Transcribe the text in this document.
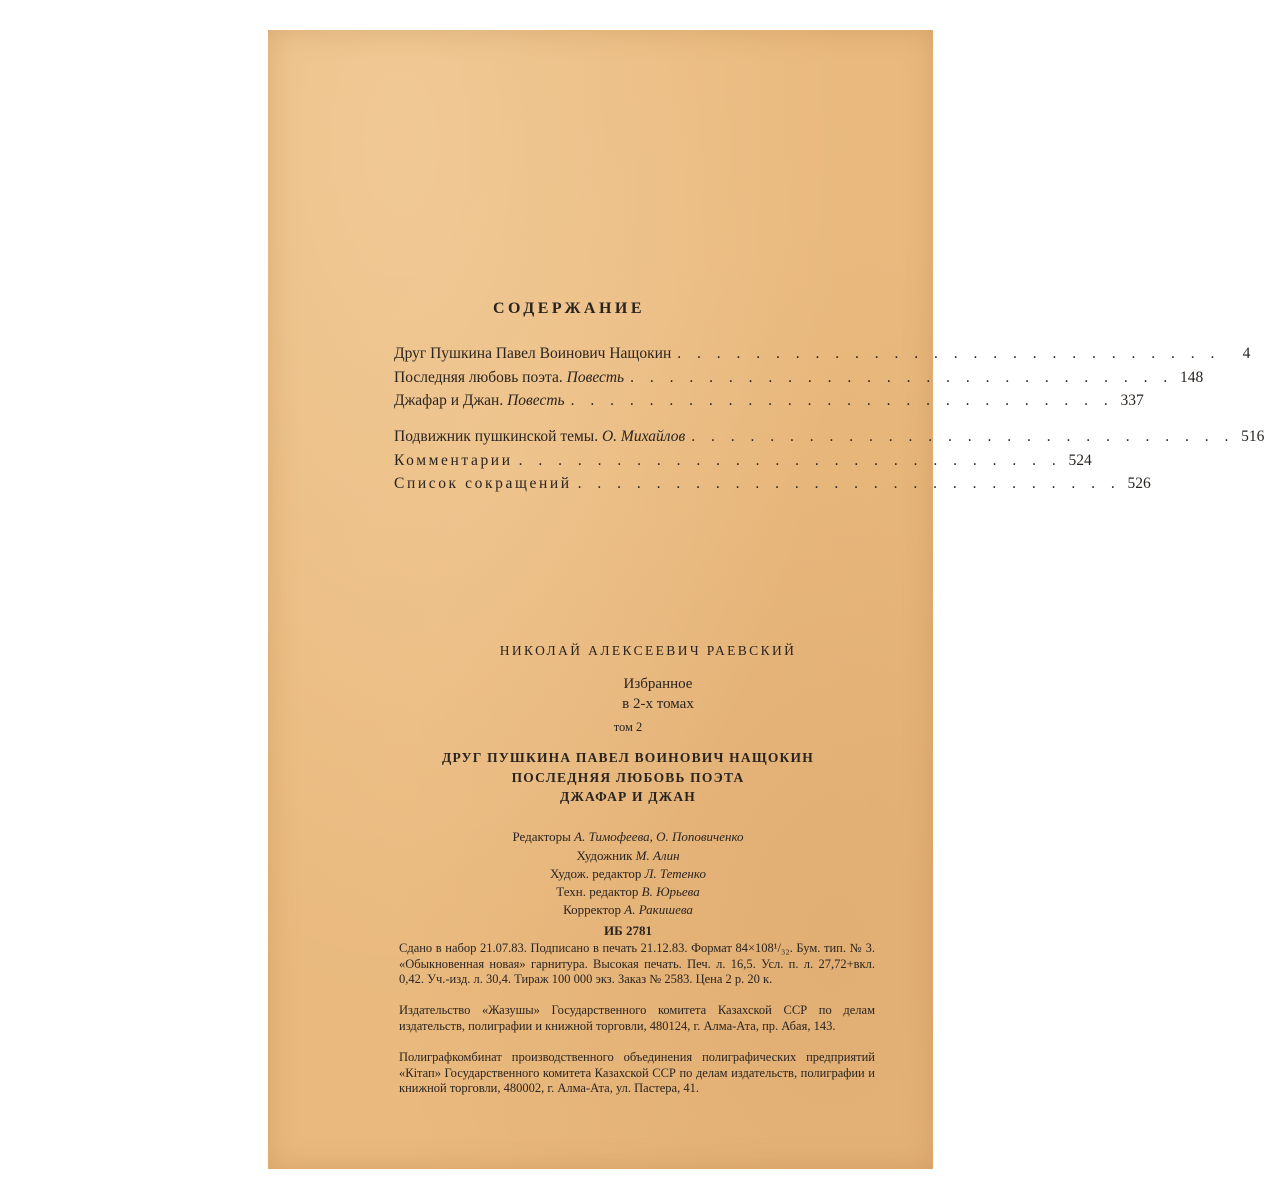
СОДЕРЖАНИЕ
Друг Пушкина Павел Воинович Нащокин . . . . . . . . . . . . . . . . . . . . . . . . . . . .	4
Последняя любовь поэта. Повесть . . . . . . . . . . . . . . . . . . . . . . . . . . . . 148
Джафар и Джан. Повесть . . . . . . . . . . . . . . . . . . . . . . . . . . . . 337
Подвижник пушкинской темы. О. Михайлов . . . . . . . . . . . . . . . . . . . . . . . . . . . . 516
Комментарии . . . . . . . . . . . . . . . . . . . . . . . . . . . . 524
Список сокращений . . . . . . . . . . . . . . . . . . . . . . . . . . . . 526
НИКОЛАЙ АЛЕКСЕЕВИЧ РАЕВСКИЙ
Избранное
в 2-х томах
том 2
ДРУГ ПУШКИНА ПАВЕЛ ВОИНОВИЧ НАЩОКИН
ПОСЛЕДНЯЯ ЛЮБОВЬ ПОЭТА
ДЖАФАР И ДЖАН
Редакторы А. Тимофеева, О. Поповиченко
Художник М. Алин
Худож. редактор Л. Тетенко
Техн. редактор В. Юрьева
Корректор А. Ракишева
ИБ 2781

Сдано в набор 21.07.83. Подписано в печать 21.12.83. Формат 84×108¹/₃₂. Бум. тип. № 3. «Обыкновенная новая» гарнитура. Высокая печать. Печ. л. 16,5. Усл. п. л. 27,72+вкл. 0,42. Уч.-изд. л. 30,4. Тираж 100 000 экз. Заказ № 2583. Цена 2 р. 20 к.

Издательство «Жазушы» Государственного комитета Казахской ССР по делам издательств, полиграфии и книжной торговли, 480124, г. Алма-Ата, пр. Абая, 143.

Полиграфкомбинат производственного объединения полиграфических предприятий «Кітап» Государственного комитета Казахской ССР по делам издательств, полиграфии и книжной торговли, 480002, г. Алма-Ата, ул. Пастера, 41.
